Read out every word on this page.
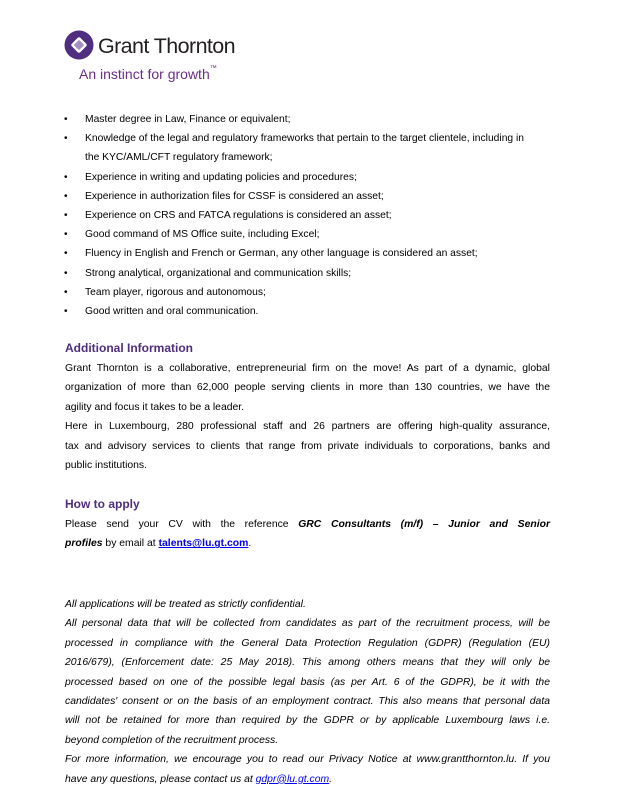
Grant Thornton
An instinct for growth™
• Master degree in Law, Finance or equivalent;
• Knowledge of the legal and regulatory frameworks that pertain to the target clientele, including in
the KYC/AML/CFT regulatory framework;
• Experience in writing and updating policies and procedures;
• Experience in authorization files for CSSF is considered an asset;
• Experience on CRS and FATCA regulations is considered an asset;
• Good command of MS Office suite, including Excel;
• Fluency in English and French or German, any other language is considered an asset;
• Strong analytical, organizational and communication skills;
• Team player, rigorous and autonomous;
• Good written and oral communication.
Additional Information
Grant Thornton is a collaborative, entrepreneurial firm on the move! As part of a dynamic, global
organization of more than 62,000 people serving clients in more than 130 countries, we have the
agility and focus it takes to be a leader.
Here in Luxembourg, 280 professional staff and 26 partners are offering high-quality assurance,
tax and advisory services to clients that range from private individuals to corporations, banks and
public institutions.
How to apply
Please send your CV with the reference GRC Consultants (m/f) – Junior and Senior
profiles by email at talents@lu.gt.com.
All applications will be treated as strictly confidential.
All personal data that will be collected from candidates as part of the recruitment process, will be
processed in compliance with the General Data Protection Regulation (GDPR) (Regulation (EU)
2016/679), (Enforcement date: 25 May 2018). This among others means that they will only be
processed based on one of the possible legal basis (as per Art. 6 of the GDPR), be it with the
candidates' consent or on the basis of an employment contract. This also means that personal data
will not be retained for more than required by the GDPR or by applicable Luxembourg laws i.e.
beyond completion of the recruitment process.
For more information, we encourage you to read our Privacy Notice at www.grantthornton.lu. If you
have any questions, please contact us at gdpr@lu.gt.com.
